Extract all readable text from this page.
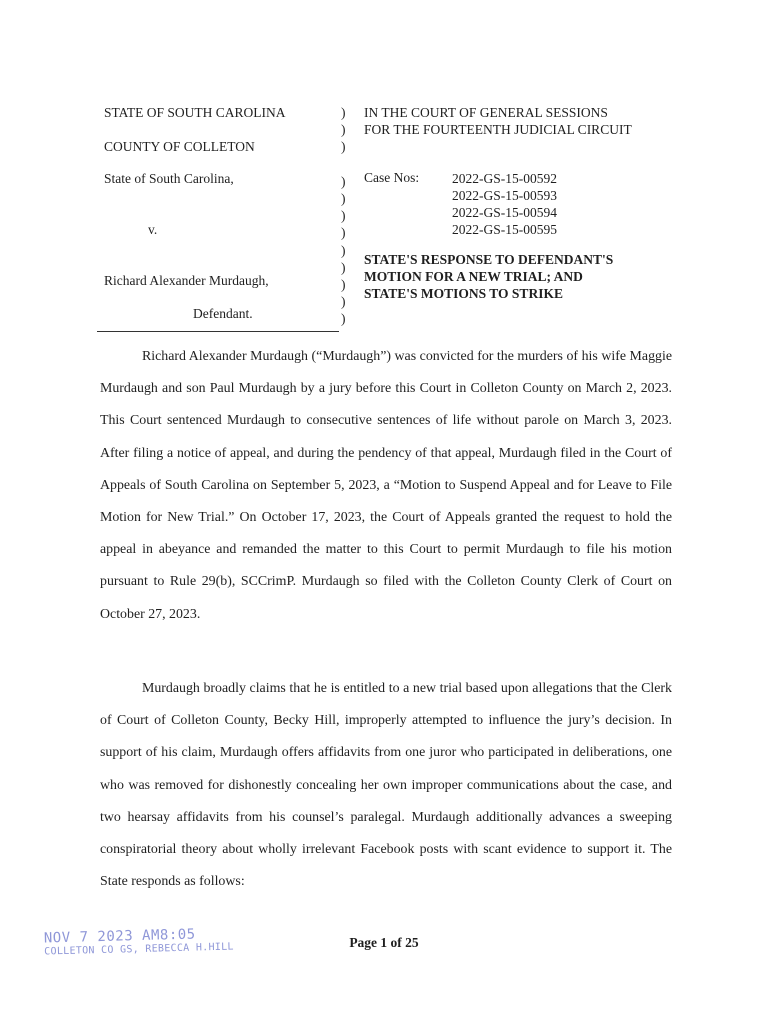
STATE OF SOUTH CAROLINA
COUNTY OF COLLETON
State of South Carolina,
v.
Richard Alexander Murdaugh,
Defendant.
)
)
)
)
)
)
)
)
)
)
)
)
IN THE COURT OF GENERAL SESSIONS
FOR THE FOURTEENTH JUDICIAL CIRCUIT
Case Nos: 2022-GS-15-00592
2022-GS-15-00593
2022-GS-15-00594
2022-GS-15-00595
STATE'S RESPONSE TO DEFENDANT'S
MOTION FOR A NEW TRIAL; AND
STATE'S MOTIONS TO STRIKE

Richard Alexander Murdaugh (“Murdaugh”) was convicted for the murders of his wife Maggie Murdaugh and son Paul Murdaugh by a jury before this Court in Colleton County on March 2, 2023. This Court sentenced Murdaugh to consecutive sentences of life without parole on March 3, 2023. After filing a notice of appeal, and during the pendency of that appeal, Murdaugh filed in the Court of Appeals of South Carolina on September 5, 2023, a “Motion to Suspend Appeal and for Leave to File Motion for New Trial.” On October 17, 2023, the Court of Appeals granted the request to hold the appeal in abeyance and remanded the matter to this Court to permit Murdaugh to file his motion pursuant to Rule 29(b), SCCrimP. Murdaugh so filed with the Colleton County Clerk of Court on October 27, 2023.

Murdaugh broadly claims that he is entitled to a new trial based upon allegations that the Clerk of Court of Colleton County, Becky Hill, improperly attempted to influence the jury’s decision. In support of his claim, Murdaugh offers affidavits from one juror who participated in deliberations, one who was removed for dishonestly concealing her own improper communications about the case, and two hearsay affidavits from his counsel’s paralegal. Murdaugh additionally advances a sweeping conspiratorial theory about wholly irrelevant Facebook posts with scant evidence to support it. The State responds as follows:

NOV 7 2023 AM8:05
COLLETON CO GS, REBECCA H.HILL	Page 1 of 25
